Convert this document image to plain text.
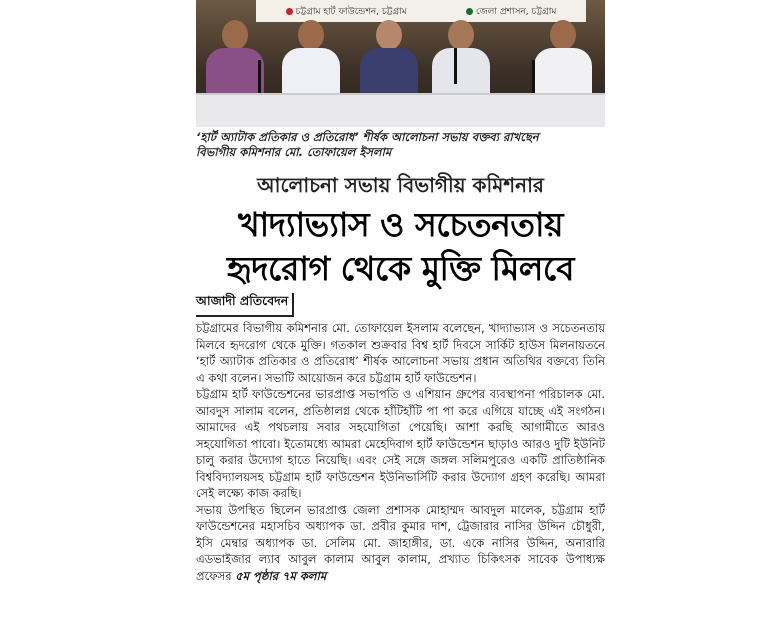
চট্টগ্রাম হার্ট ফাউন্ডেশন, চট্টগ্রাম	জেলা প্রশাসন, চট্টগ্রাম
‘হার্ট অ্যাটাক প্রতিকার ও প্রতিরোধ’ শীর্ষক আলোচনা সভায় বক্তব্য রাখছেন
বিভাগীয় কমিশনার মো. তোফায়েল ইসলাম
আলোচনা সভায় বিভাগীয় কমিশনার
খাদ্যাভ্যাস ও সচেতনতায়
হৃদরোগ থেকে মুক্তি মিলবে
আজাদী প্রতিবেদন

চট্টগ্রামের বিভাগীয় কমিশনার মো. তোফায়েল ইসলাম বলেছেন, খাদ্যাভ্যাস ও সচেতনতায় মিলবে হৃদরোগ থেকে মুক্তি। গতকাল শুক্রবার বিশ্ব হার্ট দিবসে সার্কিট হাউস মিলনায়তনে ‘হার্ট অ্যাটাক প্রতিকার ও প্রতিরোধ’ শীর্ষক আলোচনা সভায় প্রধান অতিথির বক্তব্যে তিনি এ কথা বলেন। সভাটি আয়োজন করে চট্টগ্রাম হার্ট ফাউন্ডেশন।

চট্টগ্রাম হার্ট ফাউন্ডেশনের ভারপ্রাপ্ত সভাপতি ও এশিয়ান গ্রুপের ব্যবস্থাপনা পরিচালক মো. আবদুস সালাম বলেন, প্রতিষ্ঠালগ্ন থেকে হাঁটিহাঁটি পা পা করে এগিয়ে যাচ্ছে এই সংগঠন। আমাদের এই পথচলায় সবার সহযোগিতা পেয়েছি। আশা করছি আগামীতে আরও সহযোগিতা পাবো। ইতোমধ্যে আমরা মেহেদিবাগ হার্ট ফাউন্ডেশন ছাড়াও আরও দুটি ইউনিট চালু করার উদ্যোগ হাতে নিয়েছি। এবং সেই সঙ্গে জঙ্গল সলিমপুরেও একটি প্রাতিষ্ঠানিক বিশ্ববিদ্যালয়সহ চট্টগ্রাম হার্ট ফাউন্ডেশন ইউনিভার্সিটি করার উদ্যোগ গ্রহণ করেছি। আমরা সেই লক্ষ্যে কাজ করছি।

সভায় উপস্থিত ছিলেন ভারপ্রাপ্ত জেলা প্রশাসক মোহাম্মদ আবদুল মালেক, চট্টগ্রাম হার্ট ফাউন্ডেশনের মহাসচিব অধ্যাপক ডা. প্রবীর কুমার দাশ, ট্রেজারার নাসির উদ্দিন চৌধুরী, ইসি মেম্বার অধ্যাপক ডা. সেলিম মো. জাহাঙ্গীর, ডা. একে নাসির উদ্দিন, অনারারি এডভাইজার ল্যাব আবুল কালাম আবুল কালাম, প্রখ্যাত চিকিৎসক সাবেক উপাধ্যক্ষ প্রফেসর ৫ম পৃষ্ঠার ৭ম কলাম
